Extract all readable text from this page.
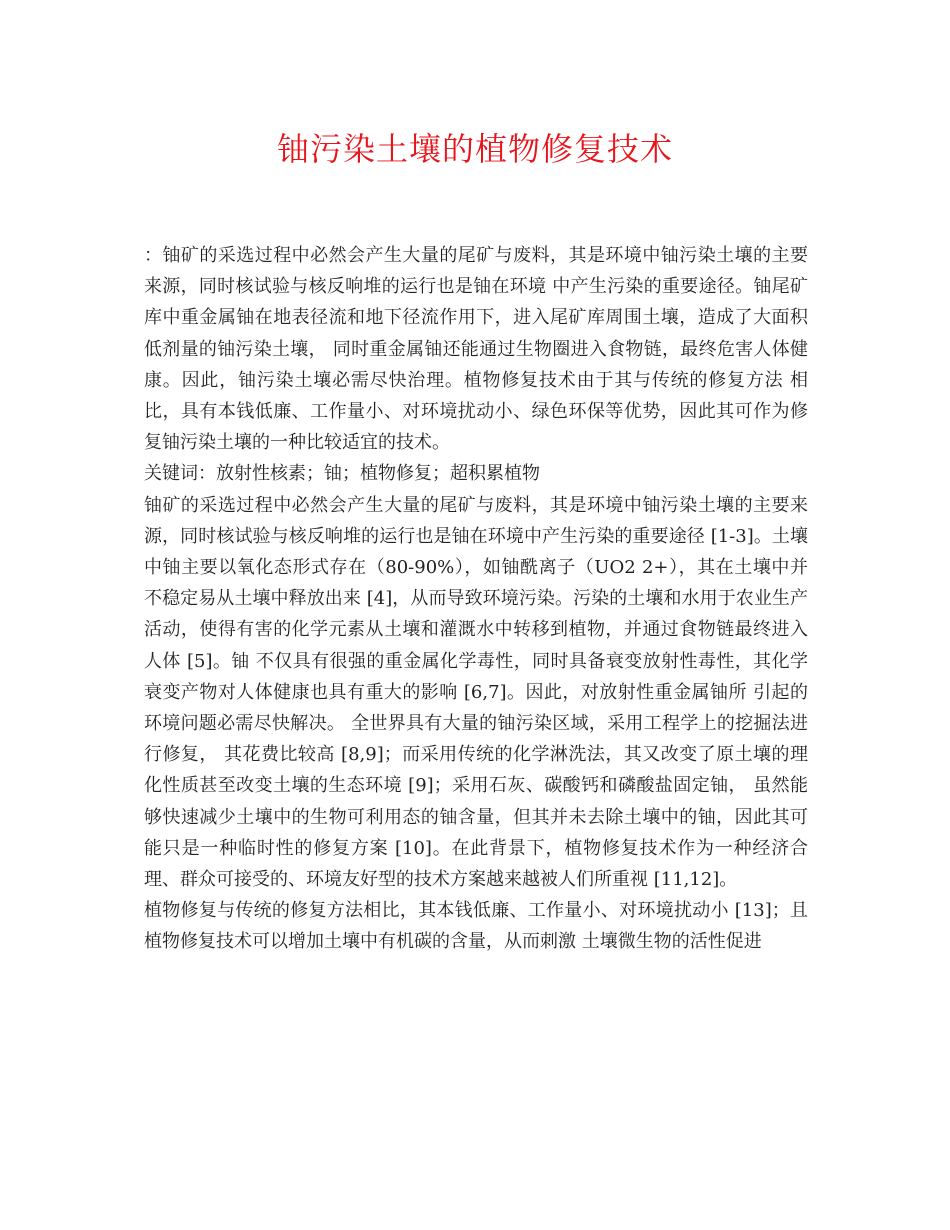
铀污染土壤的植物修复技术

：铀矿的采选过程中必然会产生大量的尾矿与废料，其是环境中铀污染土壤的主要来源，同时核试验与核反响堆的运行也是铀在环境 中产生污染的重要途径。铀尾矿库中重金属铀在地表径流和地下径流作用下，进入尾矿库周围土壤，造成了大面积低剂量的铀污染土壤， 同时重金属铀还能通过生物圈进入食物链，最终危害人体健康。因此，铀污染土壤必需尽快治理。植物修复技术由于其与传统的修复方法 相比，具有本钱低廉、工作量小、对环境扰动小、绿色环保等优势，因此其可作为修复铀污染土壤的一种比较适宜的技术。

关键词：放射性核素；铀；植物修复；超积累植物

铀矿的采选过程中必然会产生大量的尾矿与废料，其是环境中铀污染土壤的主要来源，同时核试验与核反响堆的运行也是铀在环境中产生污染的重要途径 [1-3]。土壤中铀主要以氧化态形式存在（80-90%），如铀酰离子（UO2 2+），其在土壤中并不稳定易从土壤中释放出来 [4]，从而导致环境污染。污染的土壤和水用于农业生产活动，使得有害的化学元素从土壤和灌溉水中转移到植物，并通过食物链最终进入人体 [5]。铀 不仅具有很强的重金属化学毒性，同时具备衰变放射性毒性，其化学衰变产物对人体健康也具有重大的影响 [6,7]。因此，对放射性重金属铀所 引起的环境问题必需尽快解决。 全世界具有大量的铀污染区域，采用工程学上的挖掘法进行修复， 其花费比较高 [8,9]；而采用传统的化学淋洗法，其又改变了原土壤的理化性质甚至改变土壤的生态环境 [9]；采用石灰、碳酸钙和磷酸盐固定铀， 虽然能够快速减少土壤中的生物可利用态的铀含量，但其并未去除土壤中的铀，因此其可能只是一种临时性的修复方案 [10]。在此背景下，植物修复技术作为一种经济合理、群众可接受的、环境友好型的技术方案越来越被人们所重视 [11,12]。

植物修复与传统的修复方法相比，其本钱低廉、工作量小、对环境扰动小 [13]；且植物修复技术可以增加土壤中有机碳的含量，从而刺激 土壤微生物的活性促进
